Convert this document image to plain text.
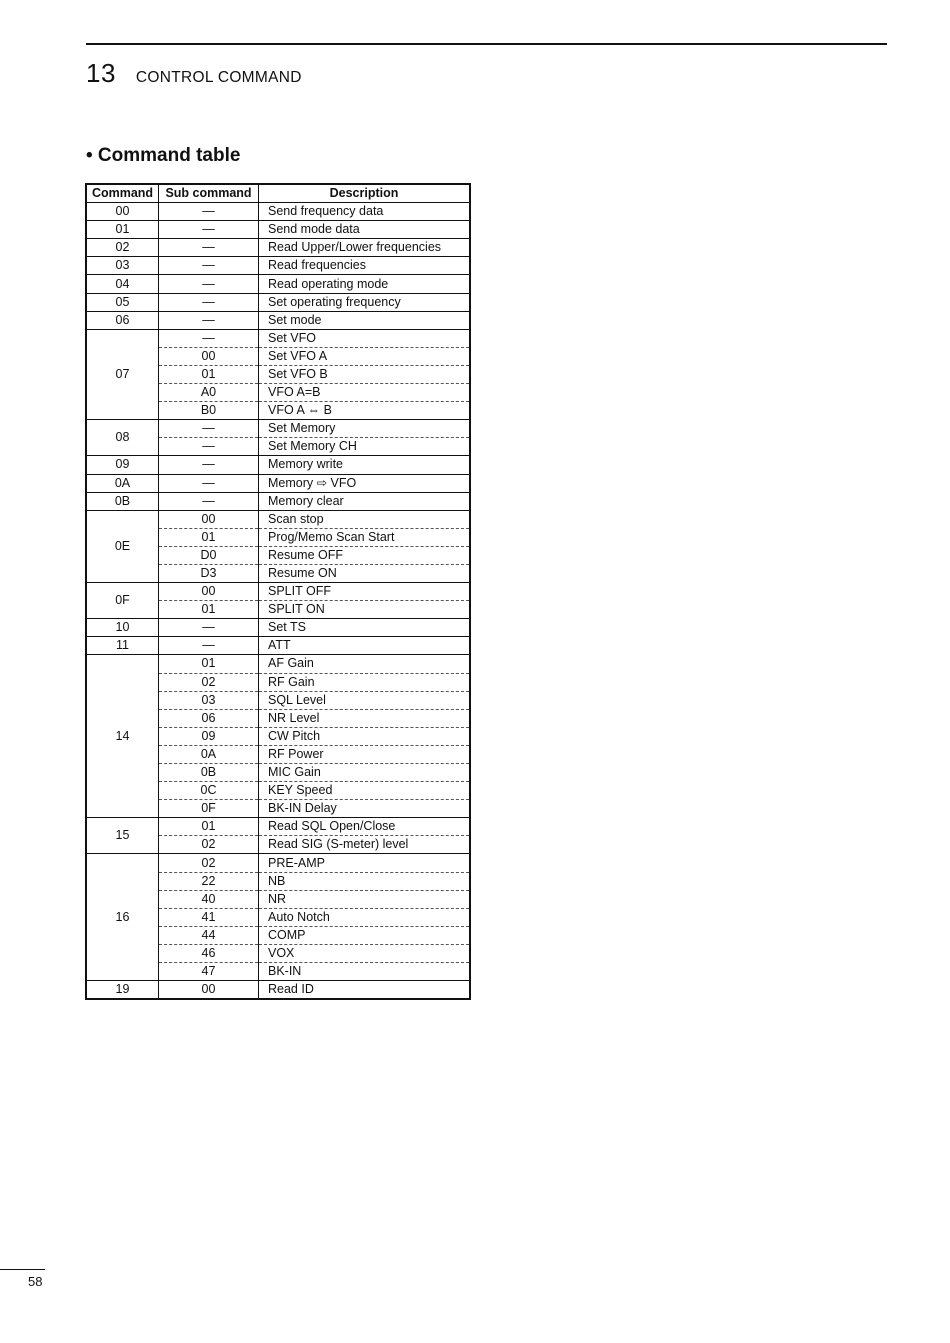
13 CONTROL COMMAND
• Command table
Command	Sub command	Description
00	—	Send frequency data
01	—	Send mode data
02	—	Read Upper/Lower frequencies
03	—	Read frequencies
04	—	Read operating mode
05	—	Set operating frequency
06	—	Set mode
07	—	Set VFO
	00	Set VFO A
	01	Set VFO B
	A0	VFO A=B
	B0	VFO A ⇔ B
08	—	Set Memory
	—	Set Memory CH
09	—	Memory write
0A	—	Memory ⇨ VFO
0B	—	Memory clear
0E	00	Scan stop
	01	Prog/Memo Scan Start
	D0	Resume OFF
	D3	Resume ON
0F	00	SPLIT OFF
	01	SPLIT ON
10	—	Set TS
11	—	ATT
14	01	AF Gain
	02	RF Gain
	03	SQL Level
	06	NR Level
	09	CW Pitch
	0A	RF Power
	0B	MIC Gain
	0C	KEY Speed
	0F	BK-IN Delay
15	01	Read SQL Open/Close
	02	Read SIG (S-meter) level
16	02	PRE-AMP
	22	NB
	40	NR
	41	Auto Notch
	44	COMP
	46	VOX
	47	BK-IN
19	00	Read ID
58
